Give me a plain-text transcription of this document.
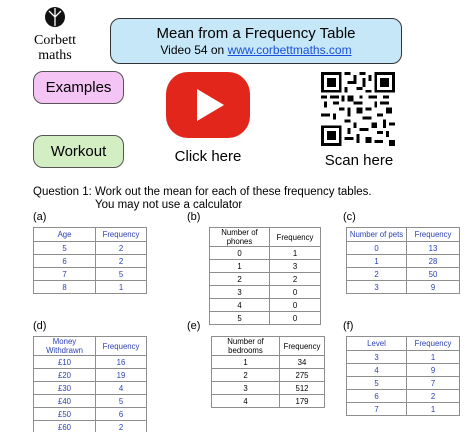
Corbett
maths
Mean from a Frequency Table
Video 54 on www.corbettmaths.com
Examples
Workout	Click here	Scan here
Question 1: Work out the mean for each of these frequency tables.
You may not use a calculator
(a)
Age	Frequency
5	2
6	2
7	5
8	1
(b)
Number of phones	Frequency
0	1
1	3
2	2
3	0
4	0
5	0
(c)
Number of pets	Frequency
0	13
1	28
2	50
3	9
(d)
Money Withdrawn	Frequency
£10	16
£20	19
£30	4
£40	5
£50	6
£60	2
(e)
Number of bedrooms	Frequency
1	34
2	275
3	512
4	179
(f)
Level	Frequency
3	1
4	9
5	7
6	2
7	1
